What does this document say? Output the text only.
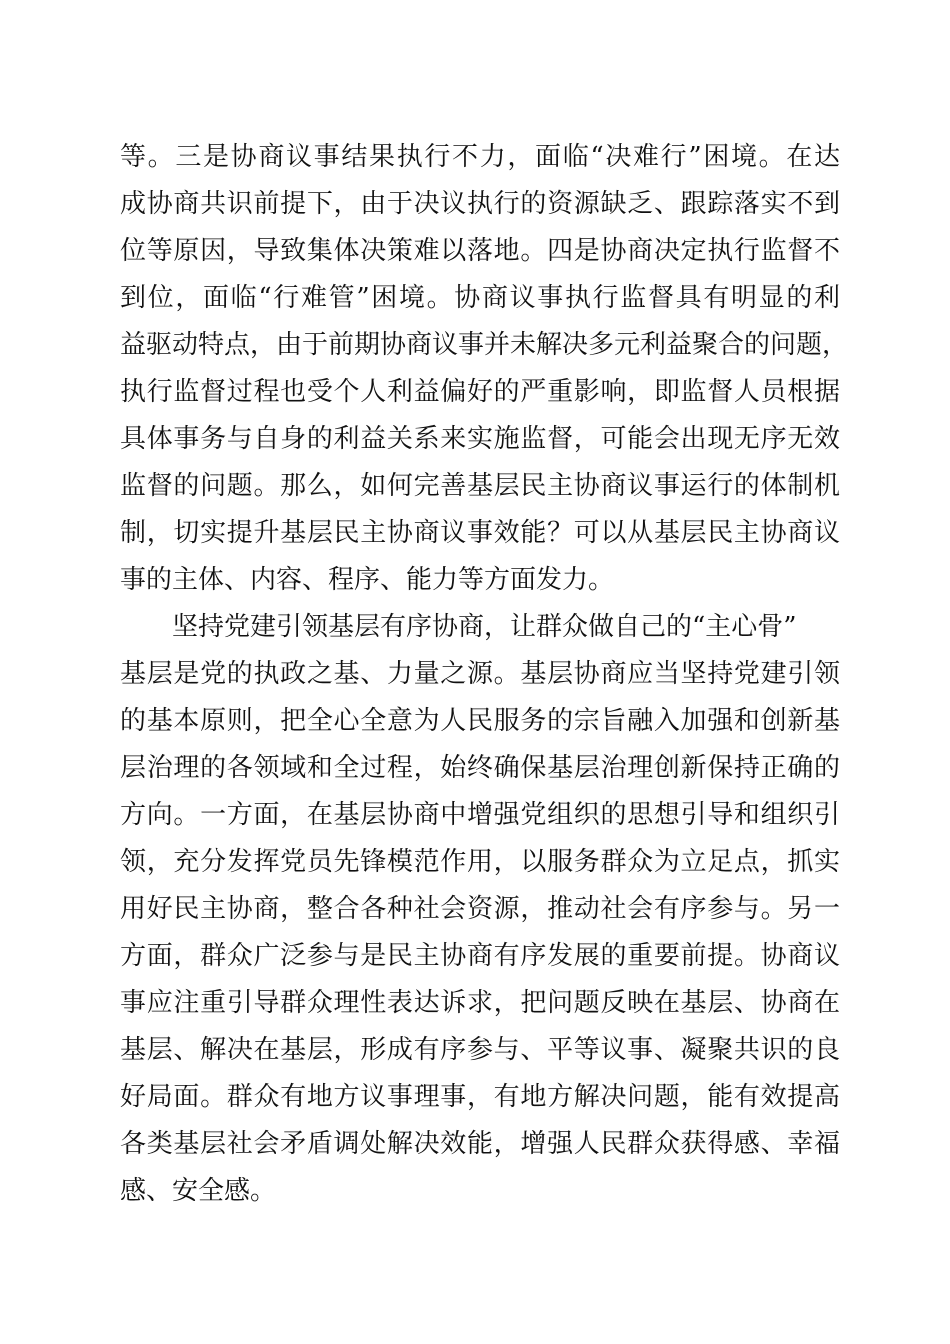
等。三是协商议事结果执行不力，面临“决难行”困境。在达
成协商共识前提下，由于决议执行的资源缺乏、跟踪落实不到
位等原因，导致集体决策难以落地。四是协商决定执行监督不
到位，面临“行难管”困境。协商议事执行监督具有明显的利
益驱动特点，由于前期协商议事并未解决多元利益聚合的问题，
执行监督过程也受个人利益偏好的严重影响，即监督人员根据
具体事务与自身的利益关系来实施监督，可能会出现无序无效
监督的问题。那么，如何完善基层民主协商议事运行的体制机
制，切实提升基层民主协商议事效能？可以从基层民主协商议
事的主体、内容、程序、能力等方面发力。
坚持党建引领基层有序协商，让群众做自己的“主心骨”
基层是党的执政之基、力量之源。基层协商应当坚持党建引领
的基本原则，把全心全意为人民服务的宗旨融入加强和创新基
层治理的各领域和全过程，始终确保基层治理创新保持正确的
方向。一方面，在基层协商中增强党组织的思想引导和组织引
领，充分发挥党员先锋模范作用，以服务群众为立足点，抓实
用好民主协商，整合各种社会资源，推动社会有序参与。另一
方面，群众广泛参与是民主协商有序发展的重要前提。协商议
事应注重引导群众理性表达诉求，把问题反映在基层、协商在
基层、解决在基层，形成有序参与、平等议事、凝聚共识的良
好局面。群众有地方议事理事，有地方解决问题，能有效提高
各类基层社会矛盾调处解决效能，增强人民群众获得感、幸福
感、安全感。
